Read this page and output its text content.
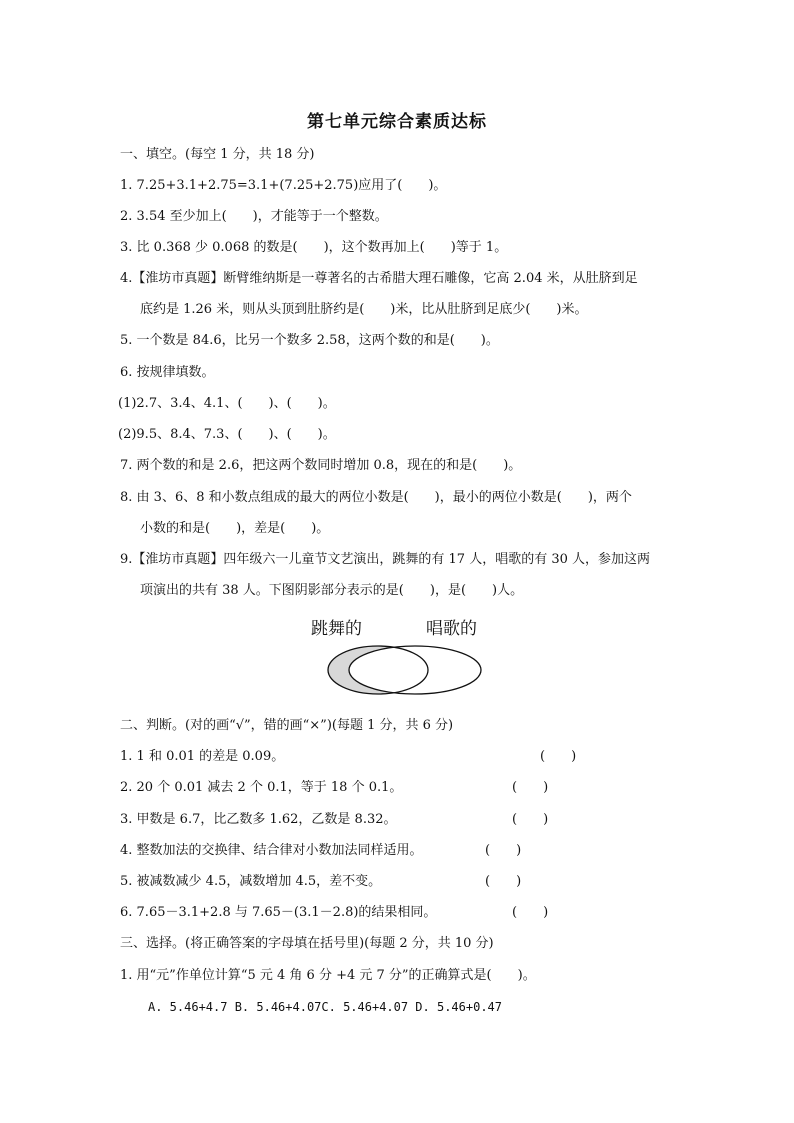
第七单元综合素质达标
一、填空。(每空 1 分，共 18 分)
1. 7.25+3.1+2.75=3.1+(7.25+2.75)应用了(　　)。
2. 3.54 至少加上(　　)，才能等于一个整数。
3. 比 0.368 少 0.068 的数是(　　)，这个数再加上(　　)等于 1。
4.【淮坊市真题】断臂维纳斯是一尊著名的古希腊大理石雕像，它高 2.04 米，从肚脐到足
底约是 1.26 米，则从头顶到肚脐约是(　　)米，比从肚脐到足底少(　　)米。
5. 一个数是 84.6，比另一个数多 2.58，这两个数的和是(　　)。
6. 按规律填数。
(1)2.7、3.4、4.1、(　　)、(　　)。
(2)9.5、8.4、7.3、(　　)、(　　)。
7. 两个数的和是 2.6，把这两个数同时增加 0.8，现在的和是(　　)。
8. 由 3、6、8 和小数点组成的最大的两位小数是(　　)，最小的两位小数是(　　)，两个
小数的和是(　　)，差是(　　)。
9.【淮坊市真题】四年级六一儿童节文艺演出，跳舞的有 17 人，唱歌的有 30 人，参加这两
项演出的共有 38 人。下图阴影部分表示的是(　　)，是(　　)人。
跳舞的	唱歌的
二、判断。(对的画“√”，错的画“×”)(每题 1 分，共 6 分)
1. 1 和 0.01 的差是 0.09。	(　　)
2. 20 个 0.01 减去 2 个 0.1，等于 18 个 0.1。	(　　)
3. 甲数是 6.7，比乙数多 1.62，乙数是 8.32。	(　　)
4. 整数加法的交换律、结合律对小数加法同样适用。	(　　)
5. 被减数减少 4.5，减数增加 4.5，差不变。	(　　)
6. 7.65－3.1+2.8 与 7.65－(3.1－2.8)的结果相同。	(　　)
三、选择。(将正确答案的字母填在括号里)(每题 2 分，共 10 分)
1. 用“元”作单位计算“5 元 4 角 6 分 +4 元 7 分”的正确算式是(　　)。
A. 5.46+4.7 B. 5.46+4.07C. 5.46+4.07 D. 5.46+0.47
